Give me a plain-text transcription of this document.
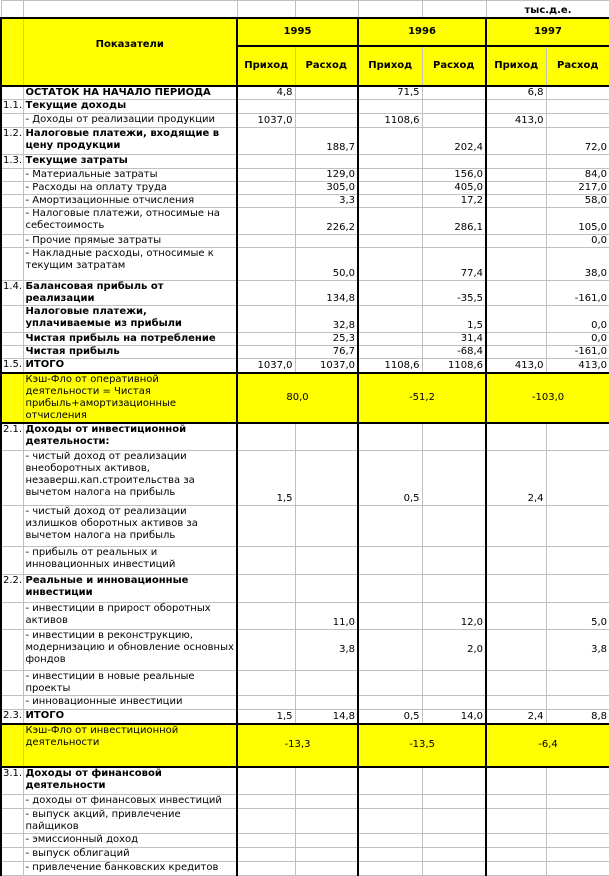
						тыс.д.е.	
	Показатели	1995		1996		1997	
		Приход	Расход	Приход	Расход	Приход	Расход
	ОСТАТОК НА НАЧАЛО ПЕРИОДА	4,8		71,5		6,8	
1.1.	Текущие доходы						
	- Доходы от реализации продукции	1037,0		1108,6		413,0	
1.2.	Налоговые платежи, входящие в цену продукции		188,7		202,4		72,0
1.3.	Текущие затраты						
	- Материальные затраты		129,0		156,0		84,0
	- Расходы на оплату труда		305,0		405,0		217,0
	- Амортизационные отчисления		3,3		17,2		58,0
	- Налоговые платежи, относимые на себестоимость		226,2		286,1		105,0
	- Прочие прямые затраты						0,0
	- Накладные расходы, относимые к текущим затратам		50,0		77,4		38,0
1.4.	Балансовая прибыль от реализации		134,8		-35,5		-161,0
	Налоговые платежи, уплачиваемые из прибыли		32,8		1,5		0,0
	Чистая прибыль на потребление		25,3		31,4		0,0
	Чистая прибыль		76,7		-68,4		-161,0
1.5.	ИТОГО	1037,0	1037,0	1108,6	1108,6	413,0	413,0
	Кэш-Фло от оперативной деятельности = Чистая прибыль+амортизационные отчисления	80,0		-51,2		-103,0	
2.1.	Доходы от инвестиционной деятельности:						
	- чистый доход от реализации внеоборотных активов, незаверш.кап.строительства за вычетом налога на прибыль	1,5		0,5		2,4	
	- чистый доход от реализации излишков оборотных активов за вычетом налога на прибыль						
	- прибыль от реальных и инновационных инвестиций						
2.2.	Реальные и инновационные инвестиции						
	- инвестиции в прирост оборотных активов		11,0		12,0		5,0
	- инвестиции в реконструкцию, модернизацию и обновление основных фондов		3,8		2,0		3,8
	- инвестиции в новые реальные проекты						
	- инновационные инвестиции						
2.3.	ИТОГО	1,5	14,8	0,5	14,0	2,4	8,8
	Кэш-Фло от инвестиционной деятельности	-13,3		-13,5		-6,4	
3.1.	Доходы от финансовой деятельности						
	- доходы от финансовых инвестиций						
	- выпуск акций, привлечение пайщиков						
	- эмиссионный доход						
	- выпуск облигаций						
	- привлечение банковских кредитов						
